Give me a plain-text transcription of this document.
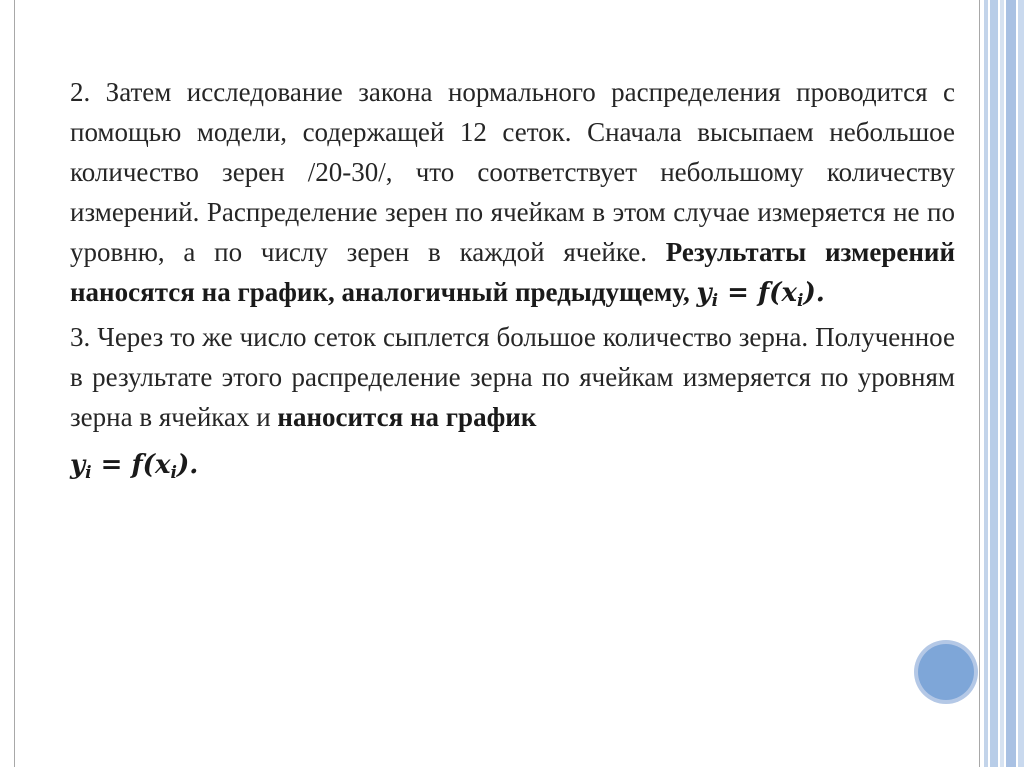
2. Затем исследование закона нормального распределения проводится с помощью модели, содержащей 12 сеток. Сначала высыпаем небольшое количество зерен /20-30/, что соответствует небольшому количеству измерений. Распределение зерен по ячейкам в этом случае измеряется не по уровню, а по числу зерен в каждой ячейке. Результаты измерений наносятся на график, аналогичный предыдущему, $y_i = f(x_i)$.

3. Через то же число сеток сыплется большое количество зерна. Полученное в результате этого распределение зерна по ячейкам измеряется по уровням зерна в ячейках и наносится на график
$y_i = f(x_i)$.
